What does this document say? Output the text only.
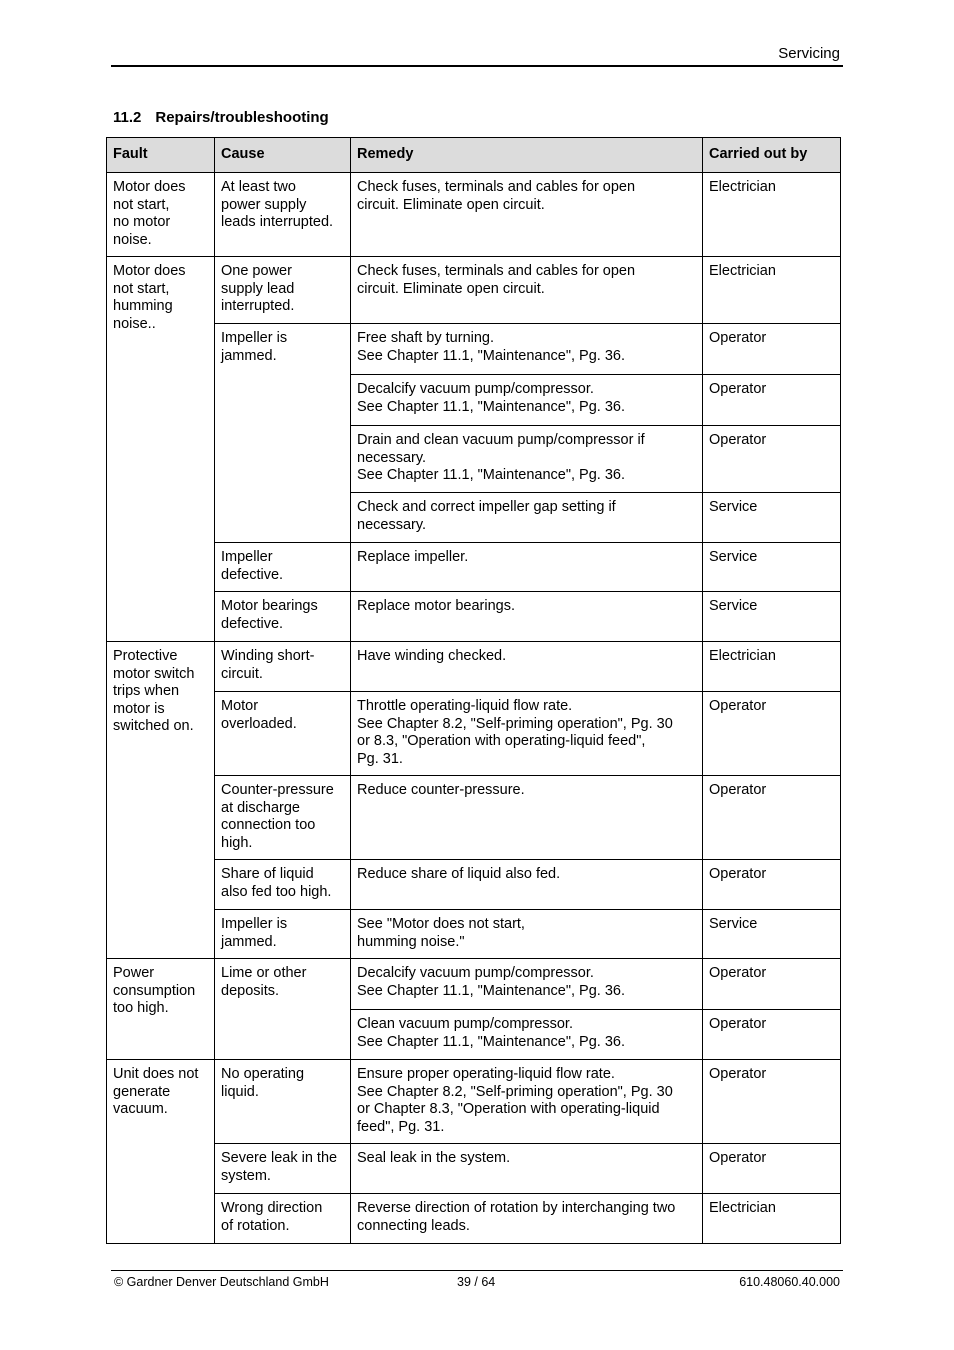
Servicing
11.2 Repairs/troubleshooting
Fault	Cause	Remedy	Carried out by
Motor does
not start,
no motor
noise.	At least two
power supply
leads interrupted.	Check fuses, terminals and cables for open
circuit. Eliminate open circuit.	Electrician
Motor does
not start,
humming
noise..	One power
supply lead
interrupted.	Check fuses, terminals and cables for open
circuit. Eliminate open circuit.	Electrician
	Impeller is
jammed.	Free shaft by turning.
See Chapter 11.1, "Maintenance", Pg. 36.	Operator
		Decalcify vacuum pump/compressor.
See Chapter 11.1, "Maintenance", Pg. 36.	Operator
		Drain and clean vacuum pump/compressor if
necessary.
See Chapter 11.1, "Maintenance", Pg. 36.	Operator
		Check and correct impeller gap setting if
necessary.	Service
	Impeller
defective.	Replace impeller.	Service
	Motor bearings
defective.	Replace motor bearings.	Service
Protective
motor switch
trips when
motor is
switched on.	Winding short-
circuit.	Have winding checked.	Electrician
	Motor
overloaded.	Throttle operating-liquid flow rate.
See Chapter 8.2, "Self-priming operation", Pg. 30
or 8.3, "Operation with operating-liquid feed",
Pg. 31.	Operator
	Counter-pressure
at discharge
connection too
high.	Reduce counter-pressure.	Operator
	Share of liquid
also fed too high.	Reduce share of liquid also fed.	Operator
	Impeller is
jammed.	See "Motor does not start,
humming noise."	Service
Power
consumption
too high.	Lime or other
deposits.	Decalcify vacuum pump/compressor.
See Chapter 11.1, "Maintenance", Pg. 36.	Operator
		Clean vacuum pump/compressor.
See Chapter 11.1, "Maintenance", Pg. 36.	Operator
Unit does not
generate
vacuum.	No operating
liquid.	Ensure proper operating-liquid flow rate.
See Chapter 8.2, "Self-priming operation", Pg. 30
or Chapter 8.3, "Operation with operating-liquid
feed", Pg. 31.	Operator
	Severe leak in the
system.	Seal leak in the system.	Operator
	Wrong direction
of rotation.	Reverse direction of rotation by interchanging two
connecting leads.	Electrician
© Gardner Denver Deutschland GmbH	39 / 64	610.48060.40.000
